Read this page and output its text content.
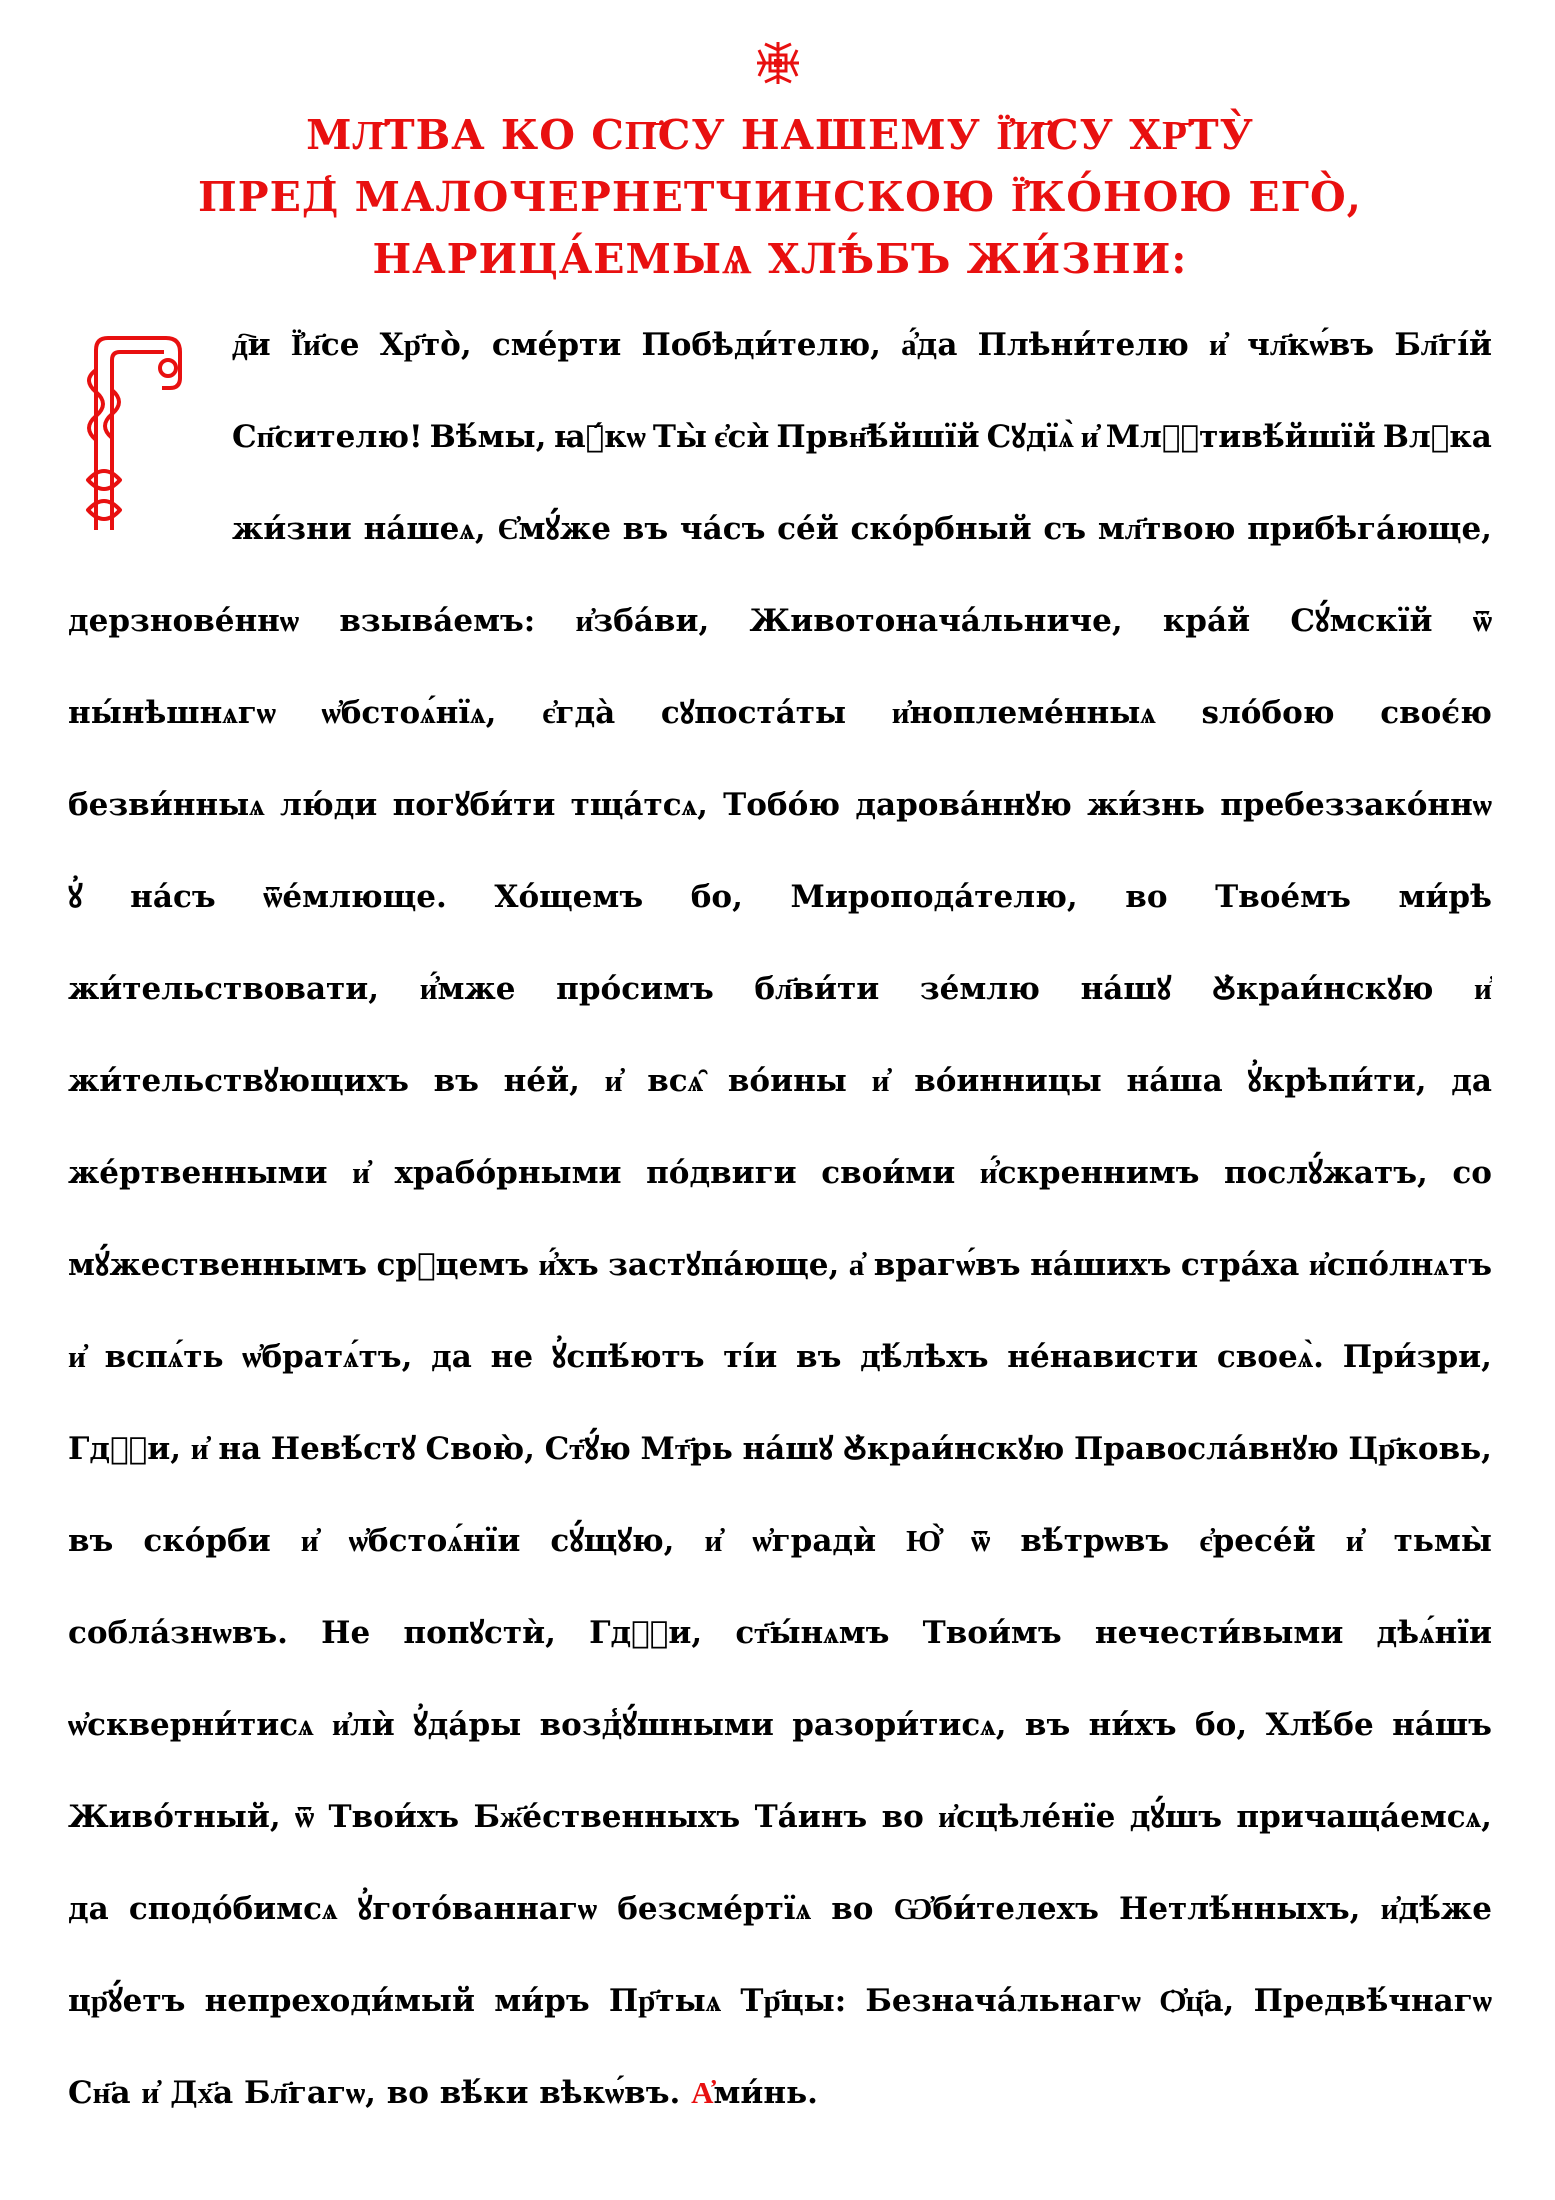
МЛ҃ТВА КО СП҃СУ НАШЕМУ Ї҆И҃СУ ХР҃ТУ̀
ПРЕД̾ МАЛОЧЕРНЕТЧИНСКОЮ Ї҆КО́НОЮ ЕГО̀,
НАРИЦА́ЕМЫѦ ХЛѢ́БЪ ЖИ́ЗНИ:
Г
д҇и Ї҆и҃се Хр҃то̀, сме́рти Побѣди́телю, а҆́да Плѣни́телю и҆ чл҃кѡ́въ Бл҃гі́й
Сп҃сителю! Вѣ́мы, ꙗ҆́кѡ Ты̀ є҆сѝ Првн҃ѣ́йшїй Сꙋдїѧ̀ и҆ Млⷭ҇тивѣ́йшїй Влⷣка
жи́зни на́шеѧ, Є҆мꙋ́же въ ча́съ се́й ско́рбный съ мл҃твою прибѣга́юще,
дерзнове́ннѡ взыва́емъ: и҆зба́ви, Животонача́льниче, кра́й Сꙋ́мскїй ѿ
ны́нѣшнѧгѡ ѡ҆бстоѧ́нїѧ, є҆гда̀ сꙋпоста́ты и҆ноплеме́нныѧ ѕло́бою своє́ю
безви́нныѧ лю́ди погꙋби́ти тща́тсѧ, Тобо́ю дарова́ннꙋю жи́знь пребеззако́ннѡ
ꙋ҆ на́съ ѿе́млюще. Хо́щемъ бо, Миропода́телю, во Твое́мъ ми́рѣ
жи́тельствовати, и҆́мже про́симъ бл҃ви́ти зе́млю на́шꙋ Ꙋ҆краи́нскꙋю и҆
жи́тельствꙋющихъ въ не́й, и҆ всѧ̑ во́ины и҆ во́инницы на́ша ꙋ҆крѣпи́ти, да
же́ртвенными и҆ храбо́рными по́двиги свои́ми и҆́скреннимъ послꙋ́жатъ, со
мꙋ́жественнымъ срⷣцемъ и҆́хъ застꙋпа́юще, а҆ врагѡ́въ на́шихъ стра́ха и҆спо́лнѧтъ
и҆ вспѧ́ть ѡ҆братѧ́тъ, да не ꙋ҆спѣ́ютъ ті́и въ дѣ́лѣхъ не́нависти своеѧ̀. При́зри,
Гдⷭ҇и, и҆ на Невѣ́стꙋ Свою̀, Ст҃ꙋ́ю Мт҃рь на́шꙋ Ꙋ҆краи́нскꙋю Правосла́внꙋю Цр҃ковь,
въ ско́рби и҆ ѡ҆бстоѧ́нїи сꙋ́щꙋю, и҆ ѡ҆градѝ Ю҆̀ ѿ вѣ́трѡвъ є҆ресе́й и҆ тьмы̀
собла́знѡвъ. Не попꙋстѝ, Гдⷭ҇и, ст҃ы́нѧмъ Твои́мъ нечести́выми дѣѧ́нїи
ѡ҆скверни́тисѧ и҆лѝ ꙋ҆да́ры возд̾ꙋ́шными разори́тисѧ, въ ни́хъ бо, Хлѣ́бе на́шъ
Живо́тный, ѿ Твои́хъ Бж҃е́ственныхъ Та́инъ во и҆сцѣле́нїе дꙋ́шъ причаща́емсѧ,
да сподо́бимсѧ ꙋ҆гото́ваннагѡ безсме́ртїѧ во Ѡ҆би́телехъ Нетлѣ́нныхъ, и҆дѣ́же
цр҃ꙋ́етъ непреходи́мый ми́ръ Пр҃тыѧ Тр҃цы: Безнача́льнагѡ Ѻ҆ц҃а, Предвѣ́чнагѡ
Сн҃а и҆ Дх҃а Бл҃гагѡ, во вѣ́ки вѣкѡ́въ. А҆ми́нь.
